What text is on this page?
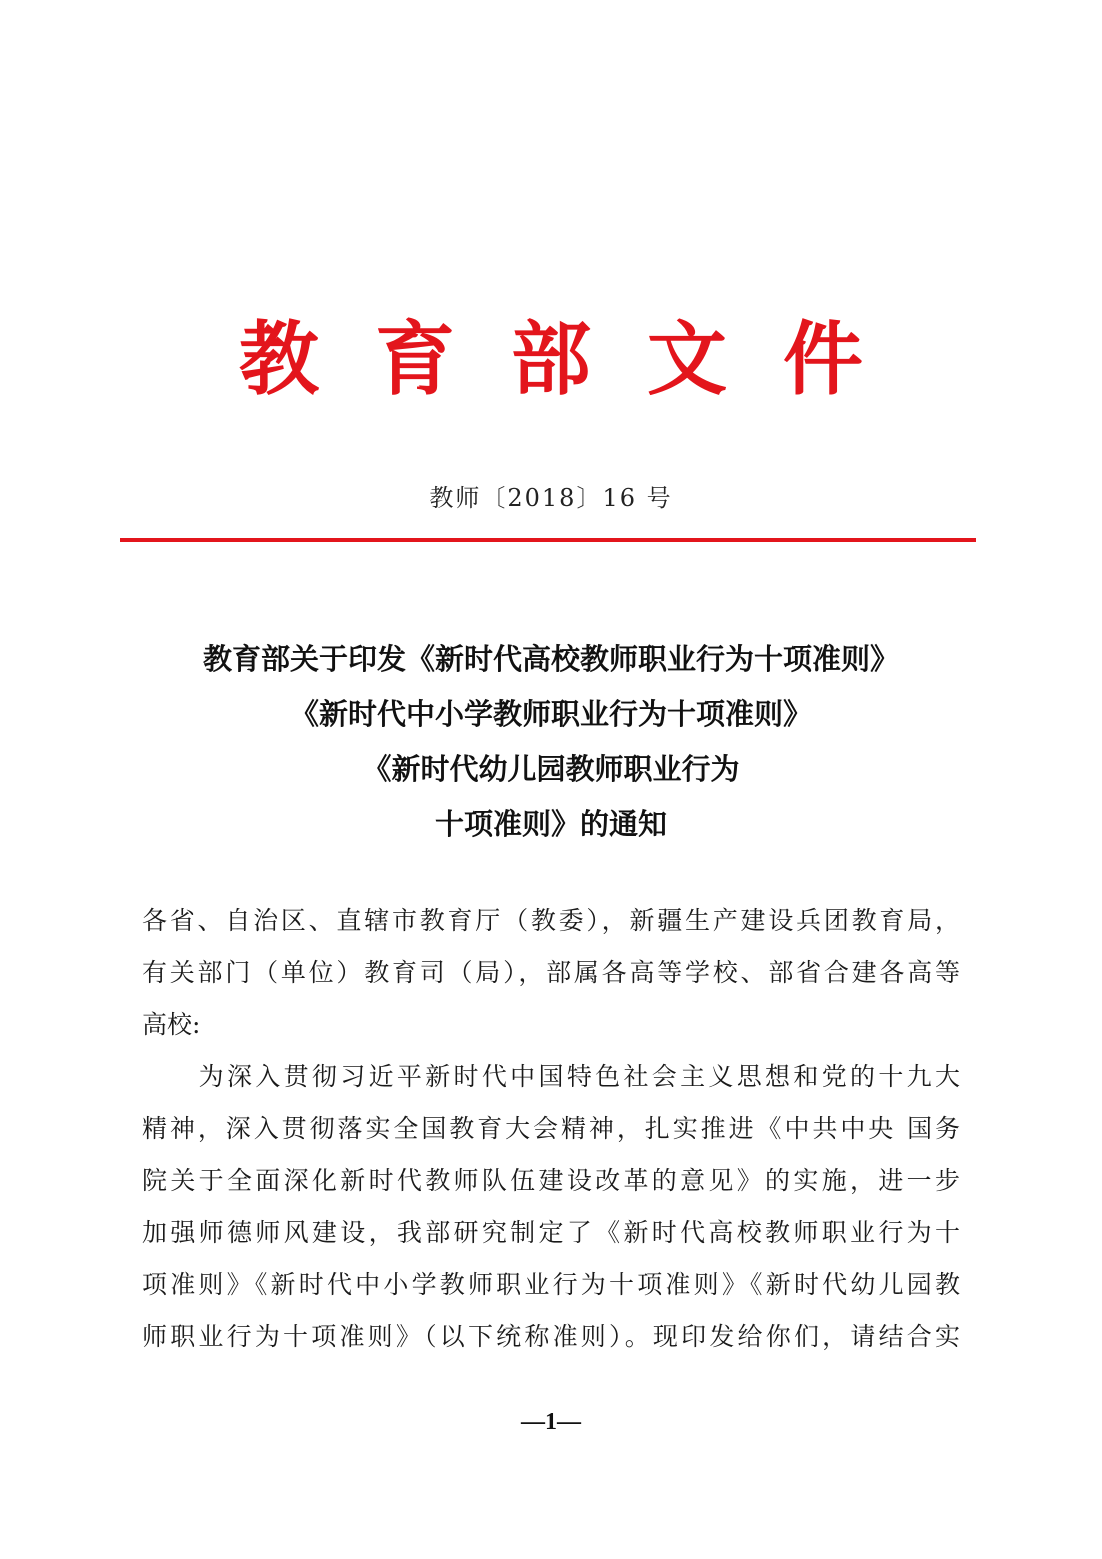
教 育 部 文 件
教师〔2018〕16 号
教育部关于印发《新时代高校教师职业行为十项准则》
《新时代中小学教师职业行为十项准则》
《新时代幼儿园教师职业行为
十项准则》的通知
各省、自治区、直辖市教育厅（教委），新疆生产建设兵团教育局，
有关部门（单位）教育司（局），部属各高等学校、部省合建各高等
高校:
　　为深入贯彻习近平新时代中国特色社会主义思想和党的十九大
精神，深入贯彻落实全国教育大会精神，扎实推进《中共中央 国务
院关于全面深化新时代教师队伍建设改革的意见》的实施，进一步
加强师德师风建设，我部研究制定了《新时代高校教师职业行为十
项准则》《新时代中小学教师职业行为十项准则》《新时代幼儿园教
师职业行为十项准则》（以下统称准则）。现印发给你们，请结合实
—1—
